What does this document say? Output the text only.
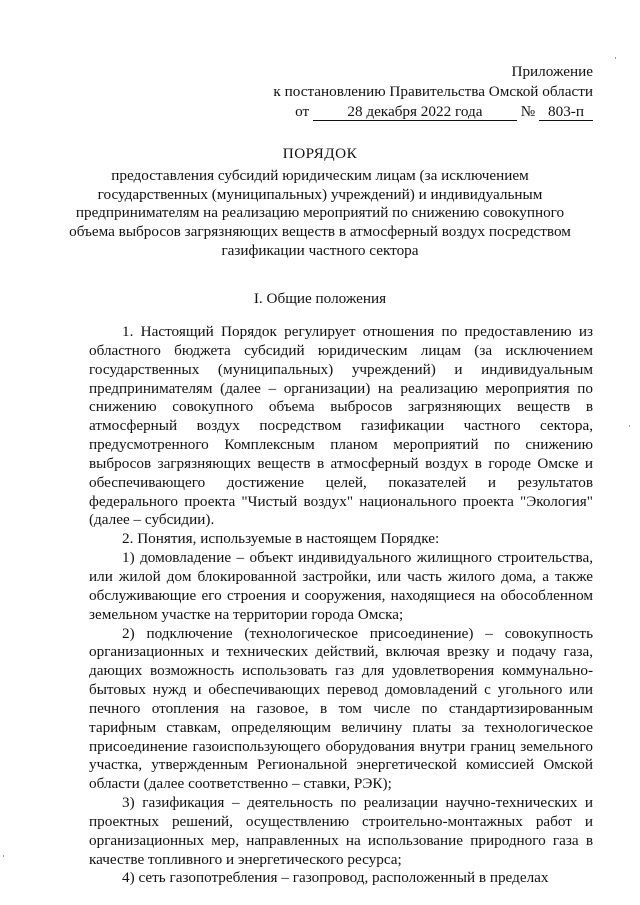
Приложение
к постановлению Правительства Омской области
от	28 декабря 2022 года	№ 803-п
ПОРЯДОК
предоставления субсидий юридическим лицам (за исключением государственных (муниципальных) учреждений) и индивидуальным предпринимателям на реализацию мероприятий по снижению совокупного объема выбросов загрязняющих веществ в атмосферный воздух посредством газификации частного сектора
I. Общие положения

1. Настоящий Порядок регулирует отношения по предоставлению из областного бюджета субсидий юридическим лицам (за исключением государственных (муниципальных) учреждений) и индивидуальным предпринимателям (далее – организации) на реализацию мероприятия по снижению совокупного объема выбросов загрязняющих веществ в атмосферный воздух посредством газификации частного сектора, предусмотренного Комплексным планом мероприятий по снижению выбросов загрязняющих веществ в атмосферный воздух в городе Омске и обеспечивающего достижение целей, показателей и результатов федерального проекта "Чистый воздух" национального проекта "Экология" (далее – субсидии).

2. Понятия, используемые в настоящем Порядке:

1) домовладение – объект индивидуального жилищного строительства, или жилой дом блокированной застройки, или часть жилого дома, а также обслуживающие его строения и сооружения, находящиеся на обособленном земельном участке на территории города Омска;

2) подключение (технологическое присоединение) – совокупность организационных и технических действий, включая врезку и подачу газа, дающих возможность использовать газ для удовлетворения коммунально-бытовых нужд и обеспечивающих перевод домовладений с угольного или печного отопления на газовое, в том числе по стандартизированным тарифным ставкам, определяющим величину платы за технологическое присоединение газоиспользующего оборудования внутри границ земельного участка, утвержденным Региональной энергетической комиссией Омской области (далее соответственно – ставки, РЭК);

3) газификация – деятельность по реализации научно-технических и проектных решений, осуществлению строительно-монтажных работ и организационных мер, направленных на использование природного газа в качестве топливного и энергетического ресурса;

4) сеть газопотребления – газопровод, расположенный в пределах
